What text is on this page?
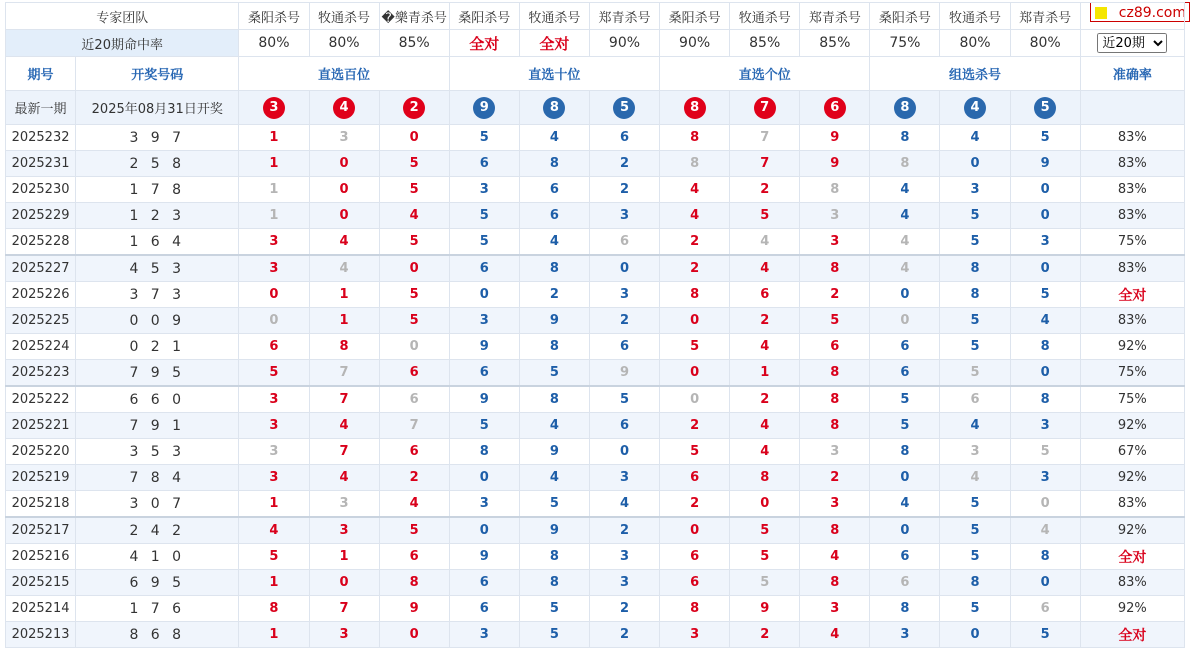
cz89.com
专家团队		桑阳杀号	牧通杀号	�樂青杀号	桑阳杀号	牧通杀号	郑青杀号	桑阳杀号	牧通杀号	郑青杀号	桑阳杀号	牧通杀号	郑青杀号	
近20期命中率		80%	80%	85%	全对	全对	90%	90%	85%	85%	75%	80%	80%	
近20期
期号	开奖号码	直选百位			直选十位			直选个位			组选杀号			准确率
最新一期	2025年08月31日开奖	3	4	2	9	8	5	8	7	6	8	4	5	
2025232	3 9 7	1	3	0	5	4	6	8	7	9	8	4	5	83%
2025231	2 5 8	1	0	5	6	8	2	8	7	9	8	0	9	83%
2025230	1 7 8	1	0	5	3	6	2	4	2	8	4	3	0	83%
2025229	1 2 3	1	0	4	5	6	3	4	5	3	4	5	0	83%
2025228	1 6 4	3	4	5	5	4	6	2	4	3	4	5	3	75%
2025227	4 5 3	3	4	0	6	8	0	2	4	8	4	8	0	83%
2025226	3 7 3	0	1	5	0	2	3	8	6	2	0	8	5	全对
2025225	0 0 9	0	1	5	3	9	2	0	2	5	0	5	4	83%
2025224	0 2 1	6	8	0	9	8	6	5	4	6	6	5	8	92%
2025223	7 9 5	5	7	6	6	5	9	0	1	8	6	5	0	75%
2025222	6 6 0	3	7	6	9	8	5	0	2	8	5	6	8	75%
2025221	7 9 1	3	4	7	5	4	6	2	4	8	5	4	3	92%
2025220	3 5 3	3	7	6	8	9	0	5	4	3	8	3	5	67%
2025219	7 8 4	3	4	2	0	4	3	6	8	2	0	4	3	92%
2025218	3 0 7	1	3	4	3	5	4	2	0	3	4	5	0	83%
2025217	2 4 2	4	3	5	0	9	2	0	5	8	0	5	4	92%
2025216	4 1 0	5	1	6	9	8	3	6	5	4	6	5	8	全对
2025215	6 9 5	1	0	8	6	8	3	6	5	8	6	8	0	83%
2025214	1 7 6	8	7	9	6	5	2	8	9	3	8	5	6	92%
2025213	8 6 8	1	3	0	3	5	2	3	2	4	3	0	5	全对
